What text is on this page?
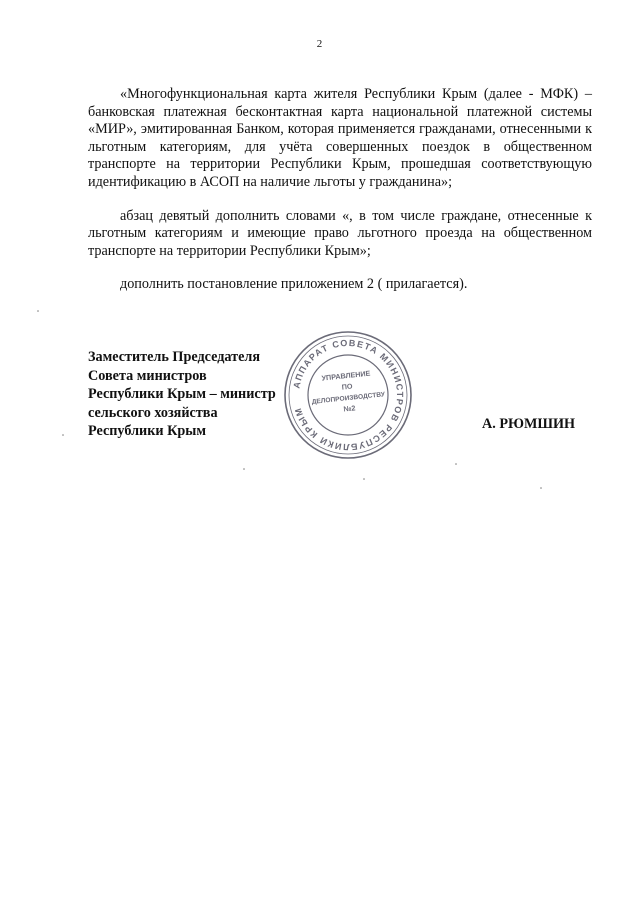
2

«Многофункциональная карта жителя Республики Крым (далее - МФК) – банковская платежная бесконтактная карта национальной платежной системы «МИР», эмитированная Банком, которая применяется гражданами, отнесенными к льготным категориям, для учёта совершенных поездок в общественном транспорте на территории Республики Крым, прошедшая соответствующую идентификацию в АСОП на наличие льготы у гражданина»;

абзац девятый дополнить словами «, в том числе граждане, отнесенные к льготным категориям и имеющие право льготного проезда на общественном транспорте на территории Республики Крым»;

дополнить постановление приложением 2 ( прилагается).

Заместитель Председателя
Совета министров
Республики Крым – министр
сельского хозяйства
Республики Крым	А. РЮМШИН
АППАРАТ СОВЕТА МИНИСТРОВ РЕСПУБЛИКИ КРЫМ
УПРАВЛЕНИЕ
ПО
ДЕЛОПРОИЗВОДСТВУ
№2
